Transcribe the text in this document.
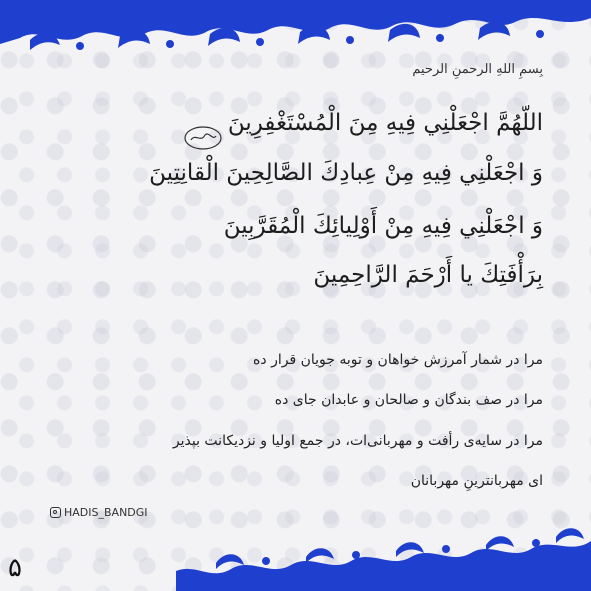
بِسمِ اللهِ الرحمنِ الرحیم
اللّهُمَّ اجْعَلْنِي فِيهِ مِنَ الْمُسْتَغْفِرِينَ
وَ اجْعَلْنِي فِيهِ مِنْ عِبادِكَ الصَّالِحِينَ الْقانِتِينَ
وَ اجْعَلْنِي فِيهِ مِنْ أَوْلِيائِكَ الْمُقَرَّبِينَ
بِرَأْفَتِكَ يا أَرْحَمَ الرَّاحِمِينَ
مرا در شمار آمرزش خواهان و توبه جویان قرار ده
مرا در صف بندگان و صالحان و عابدان جای ده
مرا در سایه‌ی رأفت و مهربانی‌ات، در جمع اولیا و نزدیکانت بپذیر
ای مهربانترینِ مهربانان
HADIS_BANDGI
۵
